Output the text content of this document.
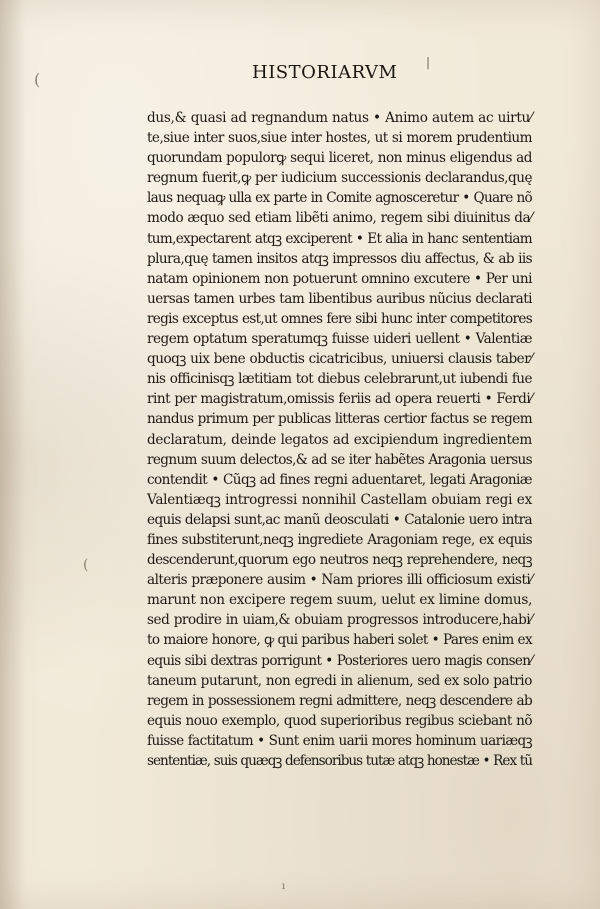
(
|
(
ı
HISTORIARVM
dus,& quasi ad regnandum natus • Animo autem ac uirtu⁄
te,siue inter suos,siue inter hostes, ut si morem prudentium
quorundam populorꝙ sequi liceret, non minus eligendus ad
regnum fuerit,ꝙ per iudicium successionis declarandus,quę
laus nequaꝙ ulla ex parte in Comite agnosceretur • Quare nõ
modo æquo sed etiam libẽti animo, regem sibi diuinitus da⁄
tum,expectarent atqꝫ exciperent • Et alia in hanc sententiam
plura,quę tamen insitos atqꝫ impressos diu affectus, & ab iis
natam opinionem non potuerunt omnino excutere • Per uni
uersas tamen urbes tam libentibus auribus nũcius declarati
regis exceptus est,ut omnes fere sibi hunc inter competitores
regem optatum speratumqꝫ fuisse uideri uellent • Valentiæ
quoqꝫ uix bene obductis cicatricibus, uniuersi clausis taber⁄
nis officinisqꝫ lætitiam tot diebus celebrarunt,ut iubendi fue
rint per magistratum,omissis feriis ad opera reuerti • Ferdi⁄
nandus primum per publicas litteras certior factus se regem
declaratum, deinde legatos ad excipiendum ingredientem
regnum suum delectos,& ad se iter habẽtes Aragonia uersus
contendit • Cũqꝫ ad fines regni aduentaret, legati Aragoniæ
Valentiæqꝫ introgressi nonnihil Castellam obuiam regi ex
equis delapsi sunt,ac manũ deosculati • Catalonie uero intra
fines substiterunt,neqꝫ ingrediete Aragoniam rege, ex equis
descenderunt,quorum ego neutros neqꝫ reprehendere, neqꝫ
alteris præponere ausim • Nam priores illi officiosum existi⁄
marunt non excipere regem suum, uelut ex limine domus,
sed prodire in uiam,& obuiam progressos introducere,habi⁄
to maiore honore, ꝙ qui paribus haberi solet • Pares enim ex
equis sibi dextras porrigunt • Posteriores uero magis consen⁄
taneum putarunt, non egredi in alienum, sed ex solo patrio
regem in possessionem regni admittere, neqꝫ descendere ab
equis nouo exemplo, quod superioribus regibus sciebant nõ
fuisse factitatum • Sunt enim uarii mores hominum uariæqꝫ
sententiæ, suis quæqꝫ defensoribus tutæ atqꝫ honestæ • Rex tũ
